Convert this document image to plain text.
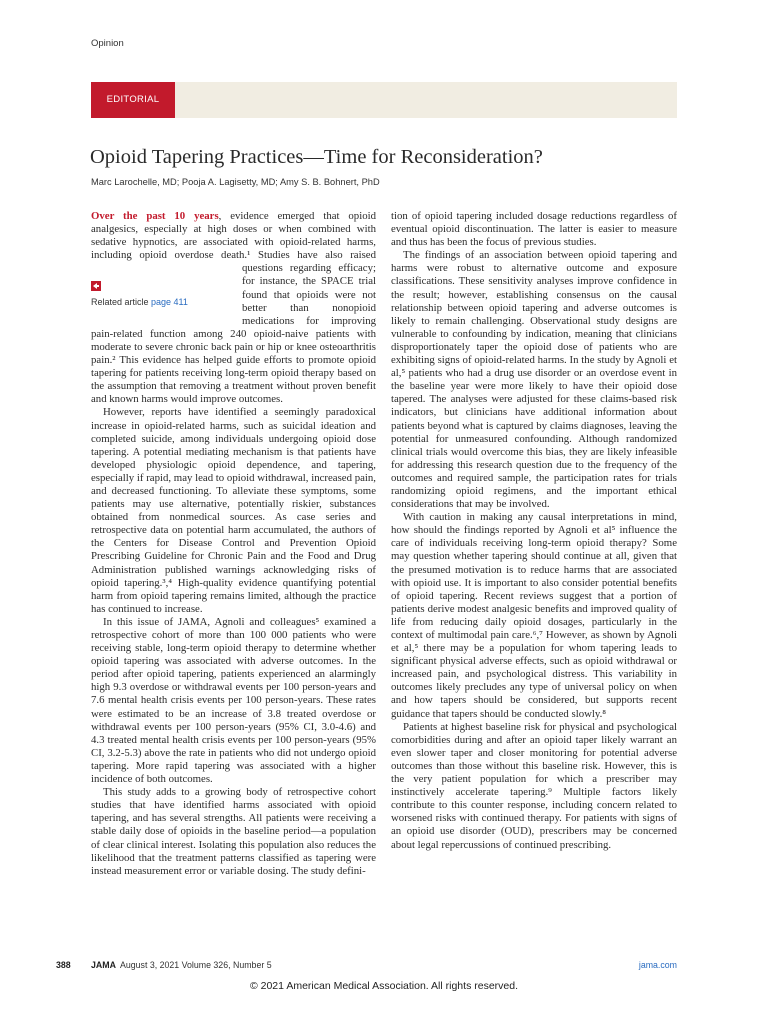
Opinion
EDITORIAL
Opioid Tapering Practices—Time for Reconsideration?
Marc Larochelle, MD; Pooja A. Lagisetty, MD; Amy S. B. Bohnert, PhD

Over the past 10 years, evidence emerged that opioid analgesics, especially at high doses or when combined with sedative hypnotics, are associated with opioid-related harms, including opioid overdose death.¹ Studies have also raised questions
Related article page 411
regarding efficacy; for instance, the SPACE trial found that opioids were not better than nonopioid medications for improving pain-related function among 240 opioid-naive patients with moderate to severe chronic back pain or hip or knee osteoarthritis pain.² This evidence has helped guide efforts to promote opioid tapering for patients receiving long-term opioid therapy based on the assumption that removing a treatment without proven benefit and known harms would improve outcomes.

However, reports have identified a seemingly paradoxical increase in opioid-related harms, such as suicidal ideation and completed suicide, among individuals undergoing opioid dose tapering. A potential mediating mechanism is that patients have developed physiologic opioid dependence, and tapering, especially if rapid, may lead to opioid withdrawal, increased pain, and decreased functioning. To alleviate these symptoms, some patients may use alternative, potentially riskier, substances obtained from nonmedical sources. As case series and retrospective data on potential harm accumulated, the authors of the Centers for Disease Control and Prevention Opioid Prescribing Guideline for Chronic Pain and the Food and Drug Administration published warnings acknowledging risks of opioid tapering.³,⁴ High-quality evidence quantifying potential harm from opioid tapering remains limited, although the practice has continued to increase.

In this issue of JAMA, Agnoli and colleagues⁵ examined a retrospective cohort of more than 100 000 patients who were receiving stable, long-term opioid therapy to determine whether opioid tapering was associated with adverse outcomes. In the period after opioid tapering, patients experienced an alarmingly high 9.3 overdose or withdrawal events per 100 person-years and 7.6 mental health crisis events per 100 person-years. These rates were estimated to be an increase of 3.8 treated overdose or withdrawal events per 100 person-years (95% CI, 3.0-4.6) and 4.3 treated mental health crisis events per 100 person-years (95% CI, 3.2-5.3) above the rate in patients who did not undergo opioid tapering. More rapid tapering was associated with a higher incidence of both outcomes.

This study adds to a growing body of retrospective cohort studies that have identified harms associated with opioid tapering, and has several strengths. All patients were receiving a stable daily dose of opioids in the baseline period—a population of clear clinical interest. Isolating this population also reduces the likelihood that the treatment patterns classified as tapering were instead measurement error or variable dosing. The study defini-

tion of opioid tapering included dosage reductions regardless of eventual opioid discontinuation. The latter is easier to measure and thus has been the focus of previous studies.

The findings of an association between opioid tapering and harms were robust to alternative outcome and exposure classifications. These sensitivity analyses improve confidence in the result; however, establishing consensus on the causal relationship between opioid tapering and adverse outcomes is likely to remain challenging. Observational study designs are vulnerable to confounding by indication, meaning that clinicians disproportionately taper the opioid dose of patients who are exhibiting signs of opioid-related harms. In the study by Agnoli et al,⁵ patients who had a drug use disorder or an overdose event in the baseline year were more likely to have their opioid dose tapered. The analyses were adjusted for these claims-based risk indicators, but clinicians have additional information about patients beyond what is captured by claims diagnoses, leaving the potential for unmeasured confounding. Although randomized clinical trials would overcome this bias, they are likely infeasible for addressing this research question due to the frequency of the outcomes and required sample, the participation rates for trials randomizing opioid regimens, and the important ethical considerations that may be involved.

With caution in making any causal interpretations in mind, how should the findings reported by Agnoli et al⁵ influence the care of individuals receiving long-term opioid therapy? Some may question whether tapering should continue at all, given that the presumed motivation is to reduce harms that are associated with opioid use. It is important to also consider potential benefits of opioid tapering. Recent reviews suggest that a portion of patients derive modest analgesic benefits and improved quality of life from reducing daily opioid dosages, particularly in the context of multimodal pain care.⁶,⁷ However, as shown by Agnoli et al,⁵ there may be a population for whom tapering leads to significant physical adverse effects, such as opioid withdrawal or increased pain, and psychological distress. This variability in outcomes likely precludes any type of universal policy on when and how tapers should be considered, but supports recent guidance that tapers should be conducted slowly.⁸

Patients at highest baseline risk for physical and psychological comorbidities during and after an opioid taper likely warrant an even slower taper and closer monitoring for potential adverse outcomes than those without this baseline risk. However, this is the very patient population for which a prescriber may instinctively accelerate tapering.⁹ Multiple factors likely contribute to this counter response, including concern related to worsened risks with continued therapy. For patients with signs of an opioid use disorder (OUD), prescribers may be concerned about legal repercussions of continued prescribing.

388 JAMA August 3, 2021 Volume 326, Number 5	jama.com
© 2021 American Medical Association. All rights reserved.
